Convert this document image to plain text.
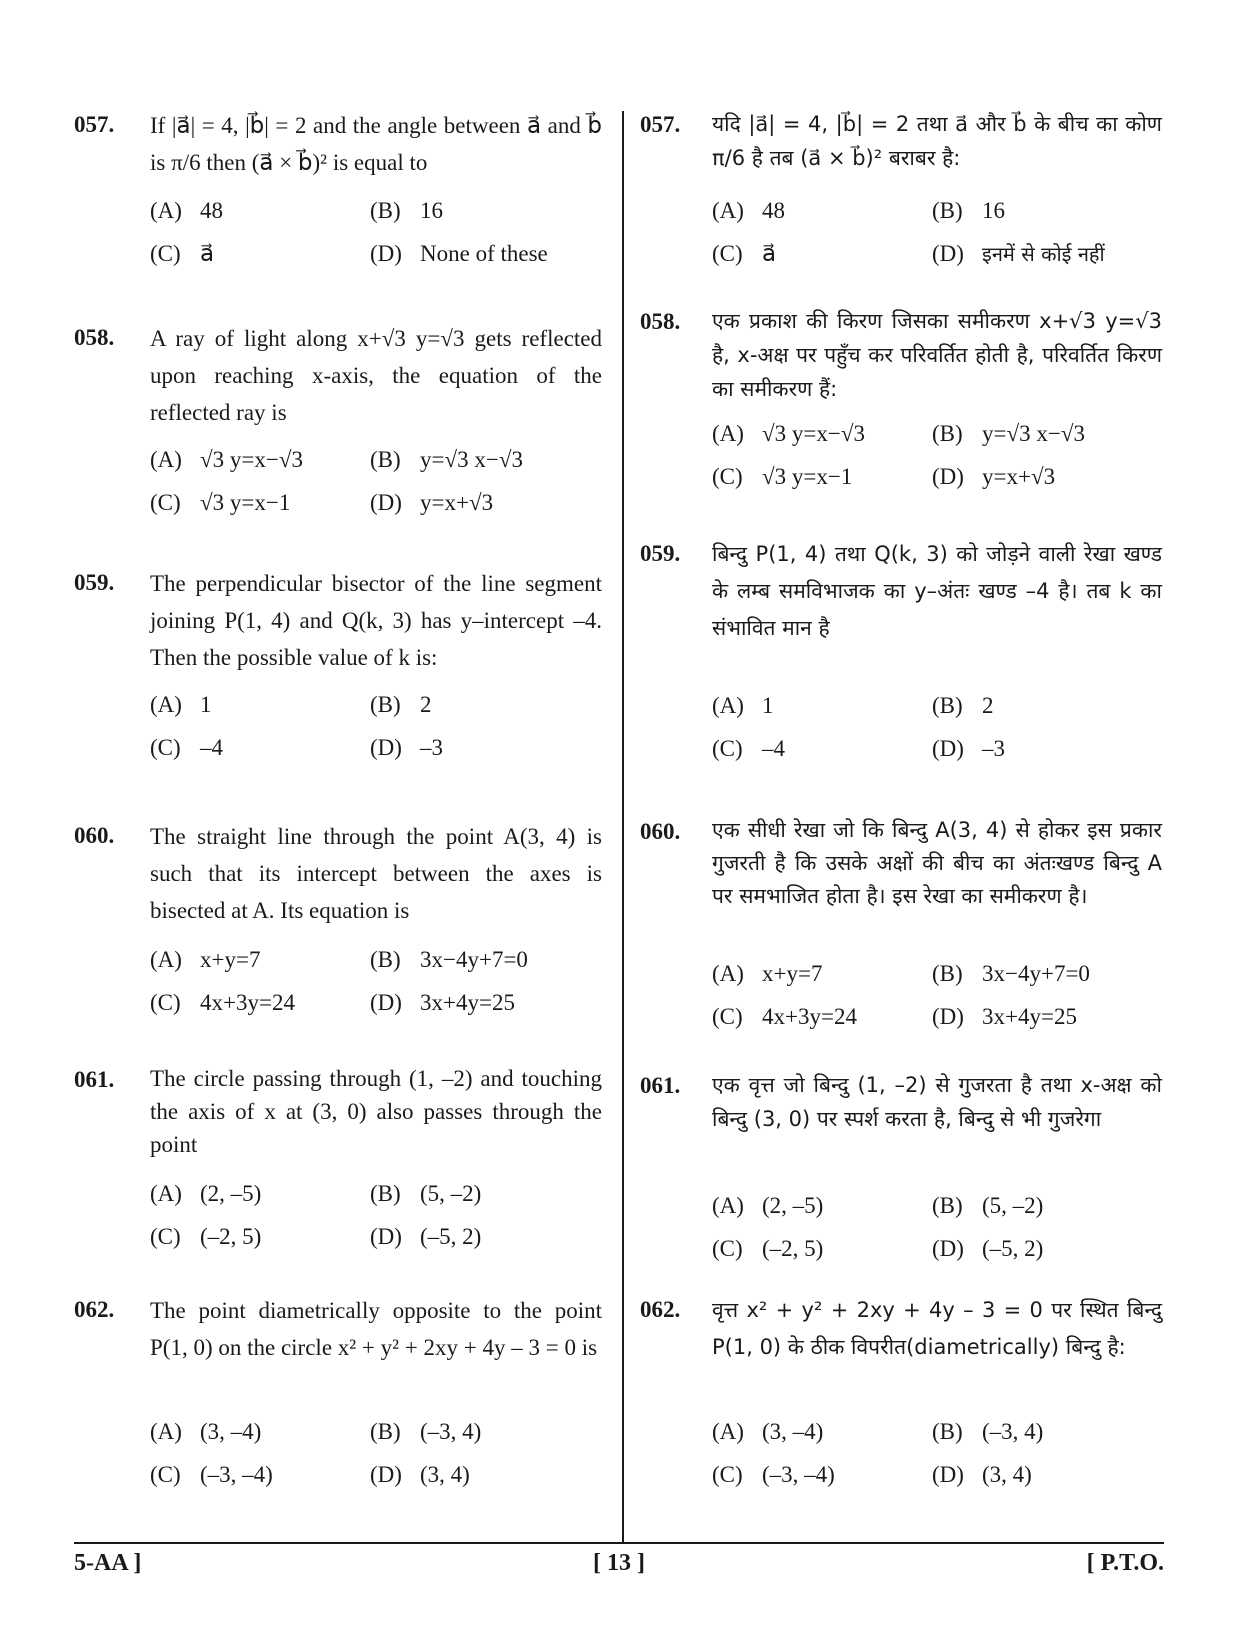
057. If |a⃗| = 4, |b⃗| = 2 and the angle between a⃗ and b⃗ is π/6 then (a⃗ × b⃗)² is equal to
(A) 48	(B) 16
(C) a⃗	(D) None of these
058. A ray of light along x+√3 y=√3 gets reflected upon reaching x-axis, the equation of the reflected ray is
(A) √3 y=x−√3	(B) y=√3 x−√3
(C) √3 y=x−1	(D) y=x+√3
059. The perpendicular bisector of the line segment joining P(1, 4) and Q(k, 3) has y–intercept –4. Then the possible value of k is:
(A) 1	(B) 2
(C) –4	(D) –3
060. The straight line through the point A(3, 4) is such that its intercept between the axes is bisected at A. Its equation is
(A) x+y=7	(B) 3x−4y+7=0
(C) 4x+3y=24	(D) 3x+4y=25
061. The circle passing through (1, –2) and touching the axis of x at (3, 0) also passes through the point
(A) (2, –5)	(B) (5, –2)
(C) (–2, 5)	(D) (–5, 2)
062. The point diametrically opposite to the point P(1, 0) on the circle x² + y² + 2xy + 4y – 3 = 0 is
(A) (3, –4)	(B) (–3, 4)
(C) (–3, –4)	(D) (3, 4)
057. यदि |a⃗| = 4, |b⃗| = 2 तथा a⃗ और b⃗ के बीच का कोण π/6 है तब (a⃗ × b⃗)² बराबर है:
(A) 48	(B) 16
(C) a⃗	(D) इनमें से कोई नहीं
058. एक प्रकाश की किरण जिसका समीकरण x+√3 y=√3 है, x-अक्ष पर पहुँच कर परिवर्तित होती है, परिवर्तित किरण का समीकरण हैं:
(A) √3 y=x−√3	(B) y=√3 x−√3
(C) √3 y=x−1	(D) y=x+√3
059. बिन्दु P(1, 4) तथा Q(k, 3) को जोड़ने वाली रेखा खण्ड के लम्ब समविभाजक का y–अंतः खण्ड –4 है। तब k का संभावित मान है
(A) 1	(B) 2
(C) –4	(D) –3
060. एक सीधी रेखा जो कि बिन्दु A(3, 4) से होकर इस प्रकार गुजरती है कि उसके अक्षों की बीच का अंतःखण्ड बिन्दु A पर समभाजित होता है। इस रेखा का समीकरण है।
(A) x+y=7	(B) 3x−4y+7=0
(C) 4x+3y=24	(D) 3x+4y=25
061. एक वृत्त जो बिन्दु (1, –2) से गुजरता है तथा x-अक्ष को बिन्दु (3, 0) पर स्पर्श करता है, बिन्दु से भी गुजरेगा
(A) (2, –5)	(B) (5, –2)
(C) (–2, 5)	(D) (–5, 2)
062. वृत्त x² + y² + 2xy + 4y – 3 = 0 पर स्थित बिन्दु P(1, 0) के ठीक विपरीत(diametrically) बिन्दु है:
(A) (3, –4)	(B) (–3, 4)
(C) (–3, –4)	(D) (3, 4)
5-AA ]	[ 13 ]	[ P.T.O.
